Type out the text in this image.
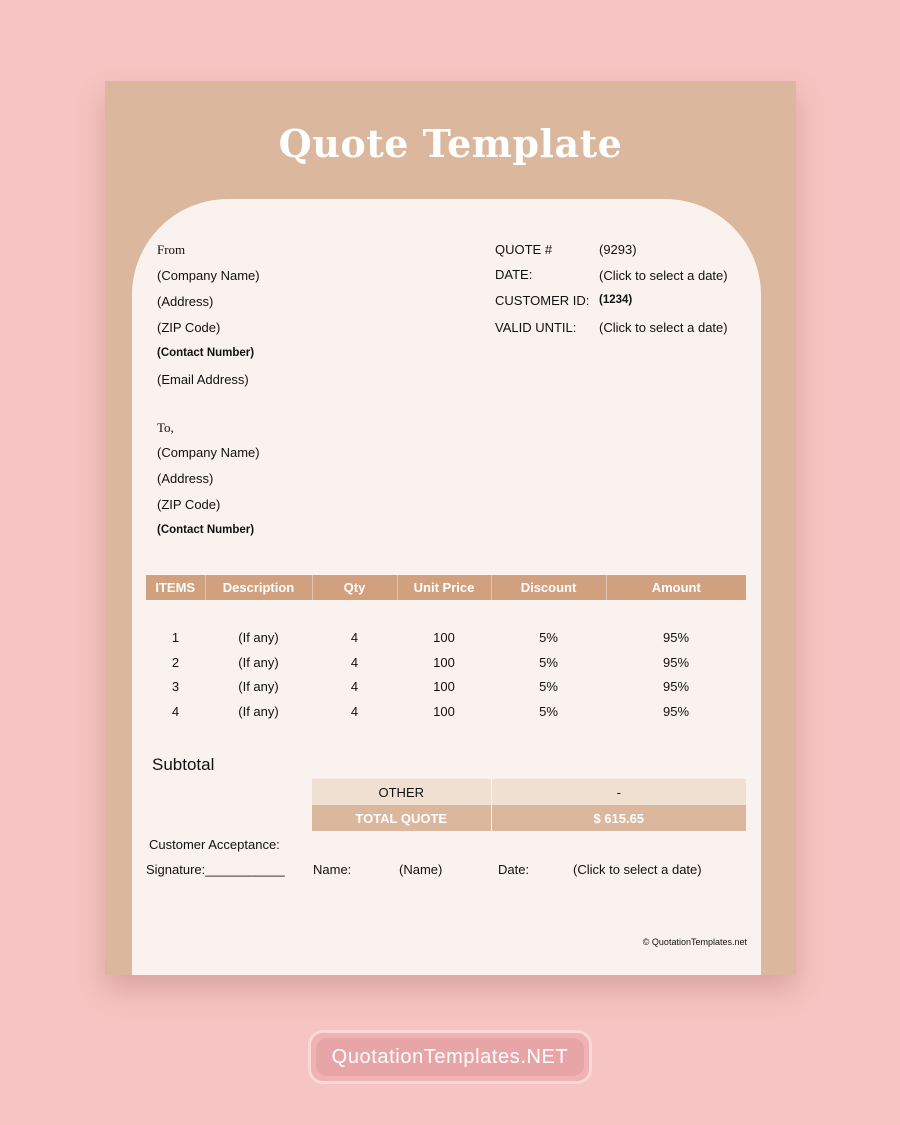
Quote Template
From
(Company Name)
(Address)
(ZIP Code)
(Contact Number)
(Email Address)
To,
(Company Name)
(Address)
(ZIP Code)
(Contact Number)
QUOTE #	(9293)
DATE:	(Click to select a date)
CUSTOMER ID: (1234)
VALID UNTIL: (Click to select a date)
ITEMS	Description	Qty	Unit Price	Discount	Amount

1	(If any)	4	100	5%	95%
2	(If any)	4	100	5%	95%
3	(If any)	4	100	5%	95%
4	(If any)	4	100	5%	95%
Subtotal
OTHER	-
TOTAL QUOTE	$ 615.65
Customer Acceptance:
Signature:___________ Name:	(Name)	Date:	(Click to select a date)
© QuotationTemplates.net
QuotationTemplates.NET
